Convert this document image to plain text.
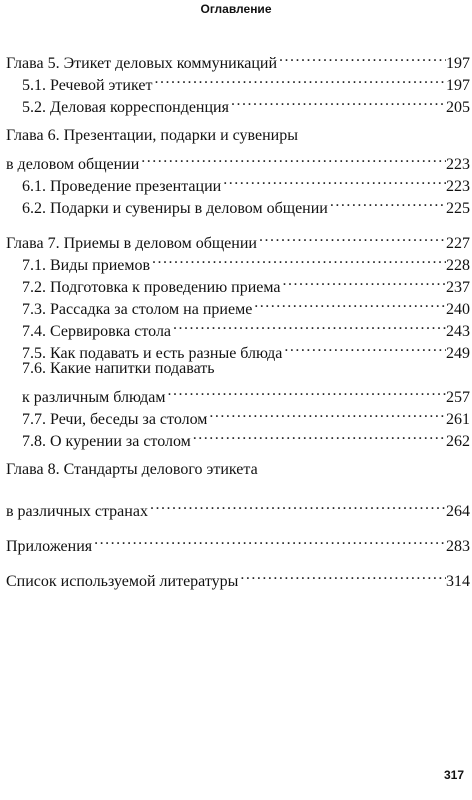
Оглавление
Глава 5. Этикет деловых коммуникаций .....	197
5.1. Речевой этикет .....	197
5.2. Деловая корреспонденция .....	205
Глава 6. Презентации, подарки и сувениры
в деловом общении .....	223
6.1. Проведение презентации .....	223
6.2. Подарки и сувениры в деловом общении .....	225
Глава 7. Приемы в деловом общении .....	227
7.1. Виды приемов .....	228
7.2. Подготовка к проведению приема .....	237
7.3. Рассадка за столом на приеме .....	240
7.4. Сервировка стола .....	243
7.5. Как подавать и есть разные блюда .....	249
7.6. Какие напитки подавать
к различным блюдам .....	257
7.7. Речи, беседы за столом .....	261
7.8. О курении за столом .....	262
Глава 8. Стандарты делового этикета
в различных странах .....	264
Приложения .....	283
Список используемой литературы .....	314
317
